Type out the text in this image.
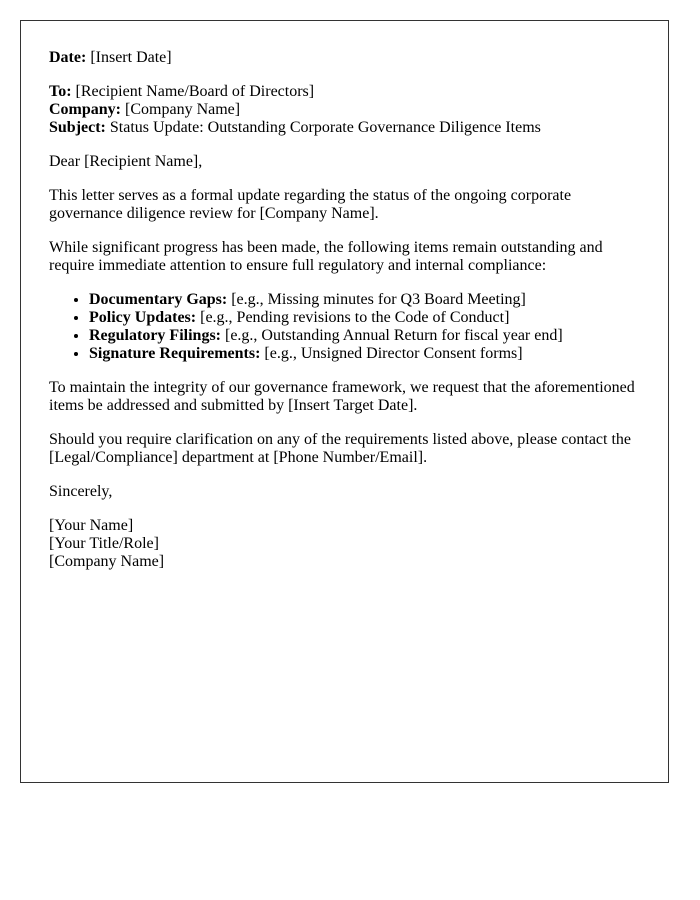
Date: [Insert Date]

To: [Recipient Name/Board of Directors]
Company: [Company Name]
Subject: Status Update: Outstanding Corporate Governance Diligence Items

Dear [Recipient Name],

This letter serves as a formal update regarding the status of the ongoing corporate governance diligence review for [Company Name].

While significant progress has been made, the following items remain outstanding and require immediate attention to ensure full regulatory and internal compliance:

• Documentary Gaps: [e.g., Missing minutes for Q3 Board Meeting]
• Policy Updates: [e.g., Pending revisions to the Code of Conduct]
• Regulatory Filings: [e.g., Outstanding Annual Return for fiscal year end]
• Signature Requirements: [e.g., Unsigned Director Consent forms]

To maintain the integrity of our governance framework, we request that the aforementioned items be addressed and submitted by [Insert Target Date].

Should you require clarification on any of the requirements listed above, please contact the [Legal/Compliance] department at [Phone Number/Email].

Sincerely,

[Your Name]
[Your Title/Role]
[Company Name]
